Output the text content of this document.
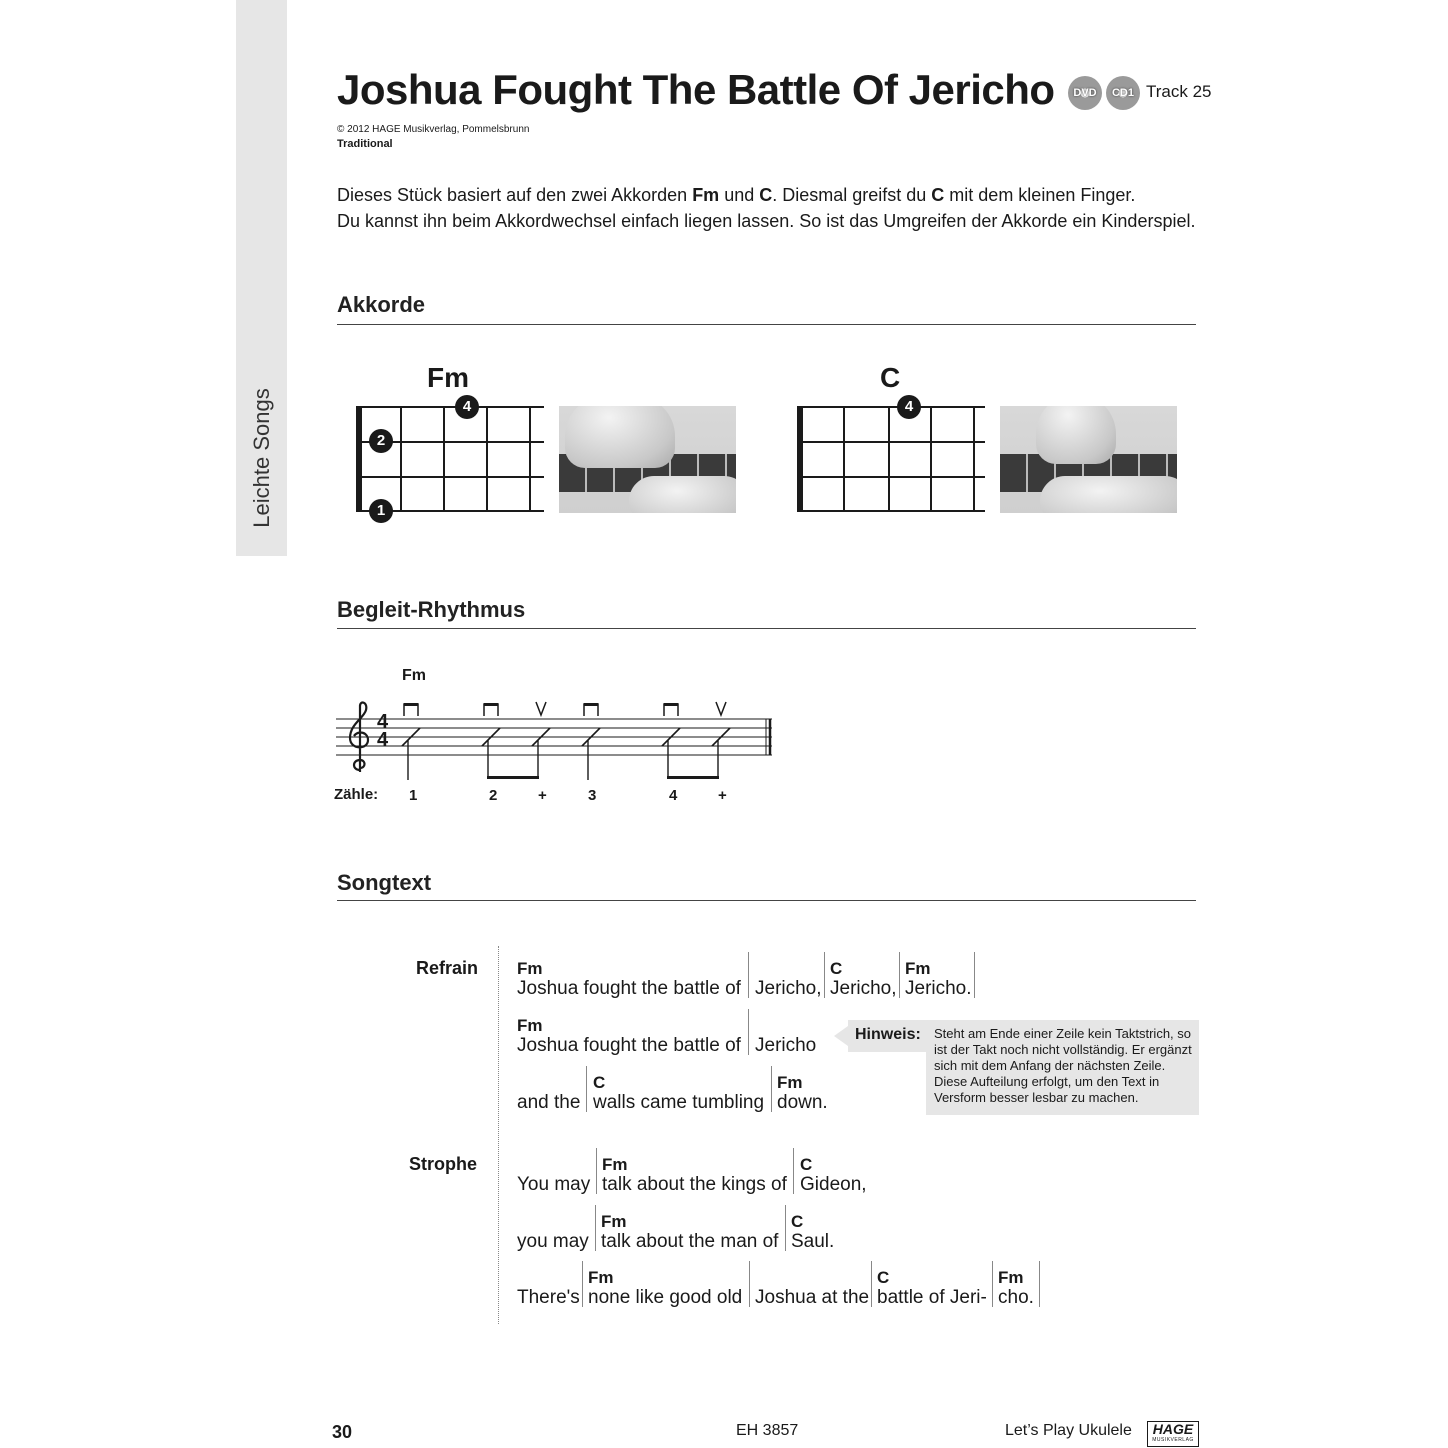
Leichte Songs
Joshua Fought The Battle Of Jericho	DVD	CD1 Track 25
© 2012 HAGE Musikverlag, Pommelsbrunn
Traditional
Dieses Stück basiert auf den zwei Akkorden Fm und C. Diesmal greifst du C mit dem kleinen Finger.
Du kannst ihn beim Akkordwechsel einfach liegen lassen. So ist das Umgreifen der Akkorde ein Kinderspiel.
Akkorde
Fm
4
2
1
C
4
Begleit-Rhythmus
Fm
4
4
Zähle: 1	2	+	3	4	+
Songtext
Refrain
Strophe
Fm
Joshua fought the battle of Jericho,
C
Jericho,
Fm
Jericho.
Fm
Joshua fought the battle of Jericho
and the
C
walls came tumbling
Fm
down.
Hinweis: Steht am Ende einer Zeile kein Taktstrich, so ist der Takt noch nicht vollständig. Er ergänzt sich mit dem Anfang der nächsten Zeile. Diese Aufteilung erfolgt, um den Text in Versform besser lesbar zu machen.
You may
Fm
talk about the kings of
C
Gideon,
you may
Fm
talk about the man of
C
Saul.
There's
Fm
none like good old Joshua at the
C
battle of Jeri-
Fm
cho.
30	EH 3857	Let’s Play Ukulele	HAGE
MUSIKVERLAG
